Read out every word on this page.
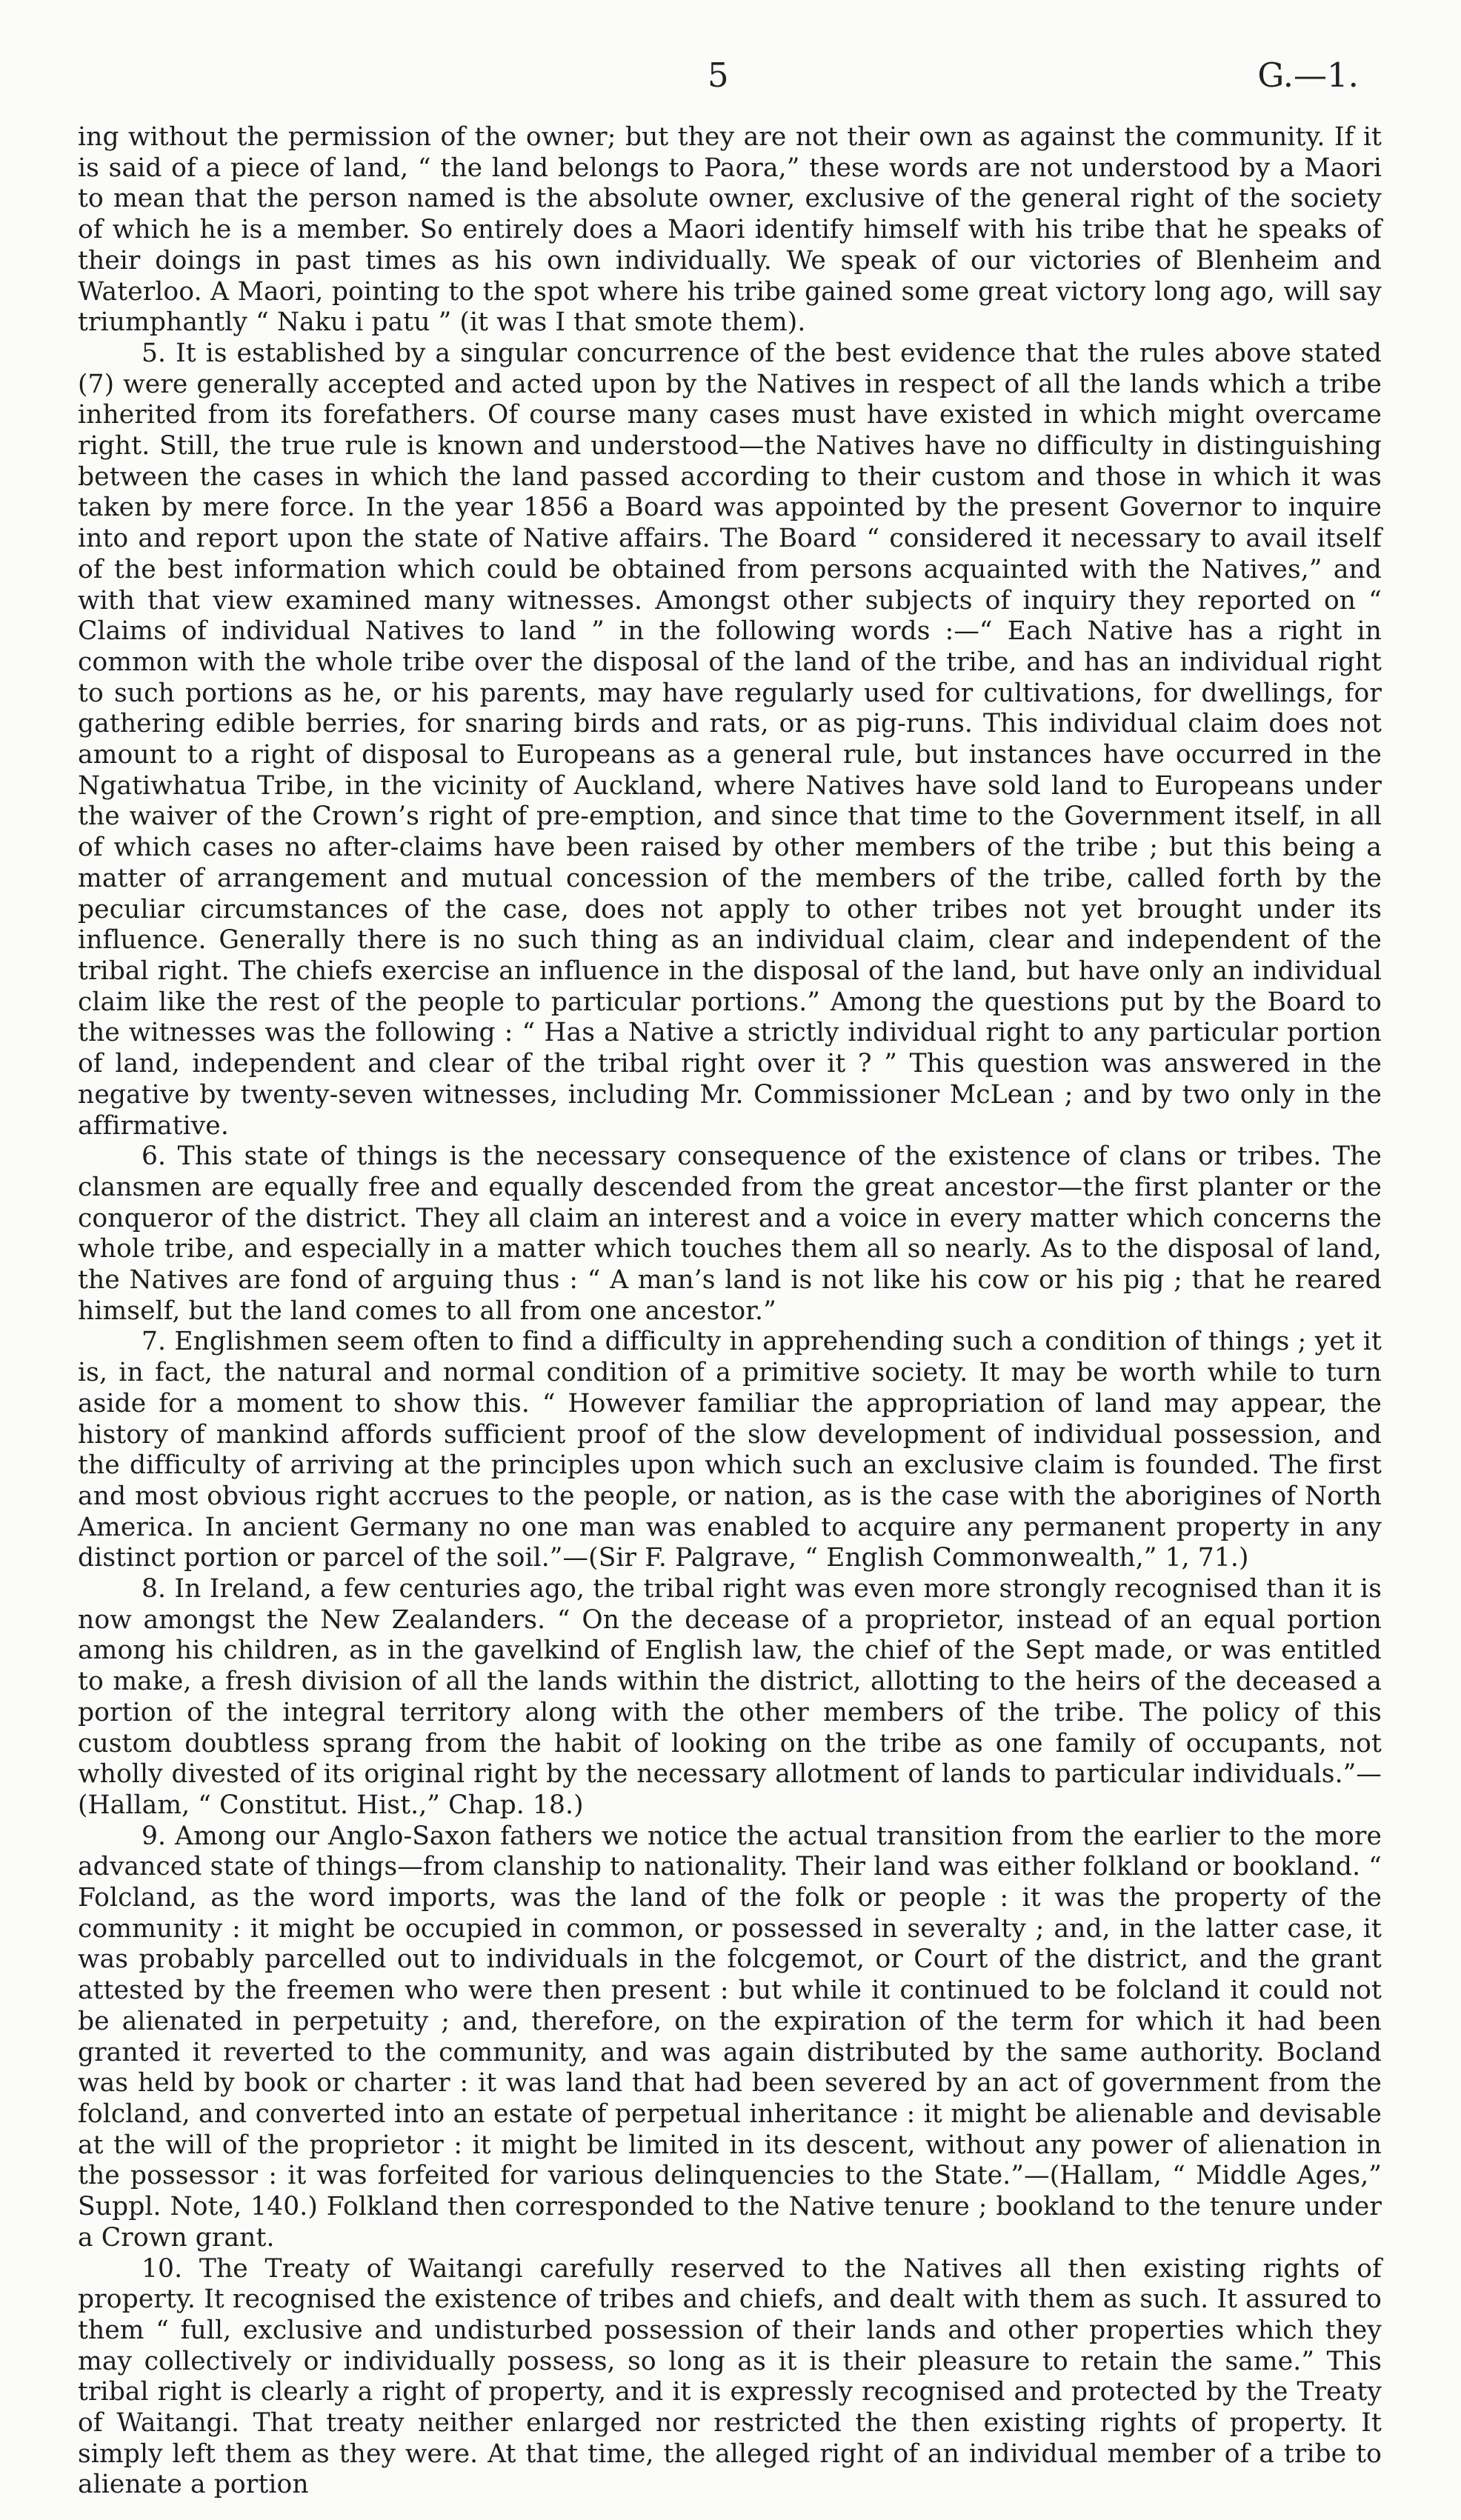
5	G.—1.

ing without the permission of the owner; but they are not their own as against the community. If it is said of a piece of land, “ the land belongs to Paora,” these words are not understood by a Maori to mean that the person named is the absolute owner, exclusive of the general right of the society of which he is a member. So entirely does a Maori identify himself with his tribe that he speaks of their doings in past times as his own individually. We speak of our victories of Blenheim and Waterloo. A Maori, pointing to the spot where his tribe gained some great victory long ago, will say triumphantly “ Naku i patu ” (it was I that smote them).

5. It is established by a singular concurrence of the best evidence that the rules above stated (7) were generally accepted and acted upon by the Natives in respect of all the lands which a tribe inherited from its forefathers. Of course many cases must have existed in which might overcame right. Still, the true rule is known and understood—the Natives have no difficulty in distinguishing between the cases in which the land passed according to their custom and those in which it was taken by mere force. In the year 1856 a Board was appointed by the present Governor to inquire into and report upon the state of Native affairs. The Board “ considered it necessary to avail itself of the best information which could be obtained from persons acquainted with the Natives,” and with that view examined many witnesses. Amongst other subjects of inquiry they reported on “ Claims of individual Natives to land ” in the following words :—“ Each Native has a right in common with the whole tribe over the disposal of the land of the tribe, and has an individual right to such portions as he, or his parents, may have regularly used for cultivations, for dwellings, for gathering edible berries, for snaring birds and rats, or as pig-runs. This individual claim does not amount to a right of disposal to Europeans as a general rule, but instances have occurred in the Ngatiwhatua Tribe, in the vicinity of Auckland, where Natives have sold land to Europeans under the waiver of the Crown’s right of pre-emption, and since that time to the Government itself, in all of which cases no after-claims have been raised by other members of the tribe ; but this being a matter of arrangement and mutual concession of the members of the tribe, called forth by the peculiar circumstances of the case, does not apply to other tribes not yet brought under its influence. Generally there is no such thing as an individual claim, clear and independent of the tribal right. The chiefs exercise an influence in the disposal of the land, but have only an individual claim like the rest of the people to particular portions.” Among the questions put by the Board to the witnesses was the following : “ Has a Native a strictly individual right to any particular portion of land, independent and clear of the tribal right over it ? ” This question was answered in the negative by twenty-seven witnesses, including Mr. Commissioner McLean ; and by two only in the affirmative.

6. This state of things is the necessary consequence of the existence of clans or tribes. The clansmen are equally free and equally descended from the great ancestor—the first planter or the conqueror of the district. They all claim an interest and a voice in every matter which concerns the whole tribe, and especially in a matter which touches them all so nearly. As to the disposal of land, the Natives are fond of arguing thus : “ A man’s land is not like his cow or his pig ; that he reared himself, but the land comes to all from one ancestor.”

7. Englishmen seem often to find a difficulty in apprehending such a condition of things ; yet it is, in fact, the natural and normal condition of a primitive society. It may be worth while to turn aside for a moment to show this. “ However familiar the appropriation of land may appear, the history of mankind affords sufficient proof of the slow development of individual possession, and the difficulty of arriving at the principles upon which such an exclusive claim is founded. The first and most obvious right accrues to the people, or nation, as is the case with the aborigines of North America. In ancient Germany no one man was enabled to acquire any permanent property in any distinct portion or parcel of the soil.”—(Sir F. Palgrave, “ English Commonwealth,” 1, 71.)

8. In Ireland, a few centuries ago, the tribal right was even more strongly recognised than it is now amongst the New Zealanders. “ On the decease of a proprietor, instead of an equal portion among his children, as in the gavelkind of English law, the chief of the Sept made, or was entitled to make, a fresh division of all the lands within the district, allotting to the heirs of the deceased a portion of the integral territory along with the other members of the tribe. The policy of this custom doubtless sprang from the habit of looking on the tribe as one family of occupants, not wholly divested of its original right by the necessary allotment of lands to particular individuals.”—(Hallam, “ Constitut. Hist.,” Chap. 18.)

9. Among our Anglo-Saxon fathers we notice the actual transition from the earlier to the more advanced state of things—from clanship to nationality. Their land was either folkland or bookland. “ Folcland, as the word imports, was the land of the folk or people : it was the property of the community : it might be occupied in common, or possessed in severalty ; and, in the latter case, it was probably parcelled out to individuals in the folcgemot, or Court of the district, and the grant attested by the freemen who were then present : but while it continued to be folcland it could not be alienated in perpetuity ; and, therefore, on the expiration of the term for which it had been granted it reverted to the community, and was again distributed by the same authority. Bocland was held by book or charter : it was land that had been severed by an act of government from the folcland, and converted into an estate of perpetual inheritance : it might be alienable and devisable at the will of the proprietor : it might be limited in its descent, without any power of alienation in the possessor : it was forfeited for various delinquencies to the State.”—(Hallam, “ Middle Ages,” Suppl. Note, 140.) Folkland then corresponded to the Native tenure ; bookland to the tenure under a Crown grant.

10. The Treaty of Waitangi carefully reserved to the Natives all then existing rights of property. It recognised the existence of tribes and chiefs, and dealt with them as such. It assured to them “ full, exclusive and undisturbed possession of their lands and other properties which they may collectively or individually possess, so long as it is their pleasure to retain the same.” This tribal right is clearly a right of property, and it is expressly recognised and protected by the Treaty of Waitangi. That treaty neither enlarged nor restricted the then existing rights of property. It simply left them as they were. At that time, the alleged right of an individual member of a tribe to alienate a portion
